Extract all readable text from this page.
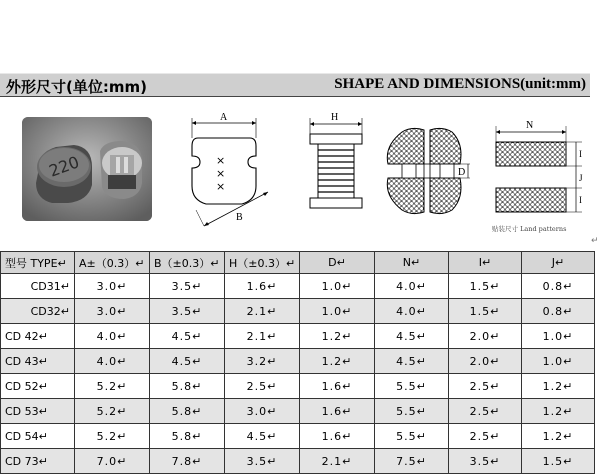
外形尺寸(单位:mm)	SHAPE AND DIMENSIONS(unit:mm)
220
A
× × ×
B
H
D
N
I
J
I
贴装尺寸 Land patterns
↵
型号 TYPE↵	A±（0.3）↵	B（±0.3）↵	H（±0.3）↵	D↵	N↵	I↵	J↵
CD31↵	3.0↵	3.5↵	1.6↵	1.0↵	4.0↵	1.5↵	0.8↵
CD32↵	3.0↵	3.5↵	2.1↵	1.0↵	4.0↵	1.5↵	0.8↵
CD 42↵	4.0↵	4.5↵	2.1↵	1.2↵	4.5↵	2.0↵	1.0↵
CD 43↵	4.0↵	4.5↵	3.2↵	1.2↵	4.5↵	2.0↵	1.0↵
CD 52↵	5.2↵	5.8↵	2.5↵	1.6↵	5.5↵	2.5↵	1.2↵
CD 53↵	5.2↵	5.8↵	3.0↵	1.6↵	5.5↵	2.5↵	1.2↵
CD 54↵	5.2↵	5.8↵	4.5↵	1.6↵	5.5↵	2.5↵	1.2↵
CD 73↵	7.0↵	7.8↵	3.5↵	2.1↵	7.5↵	3.5↵	1.5↵
